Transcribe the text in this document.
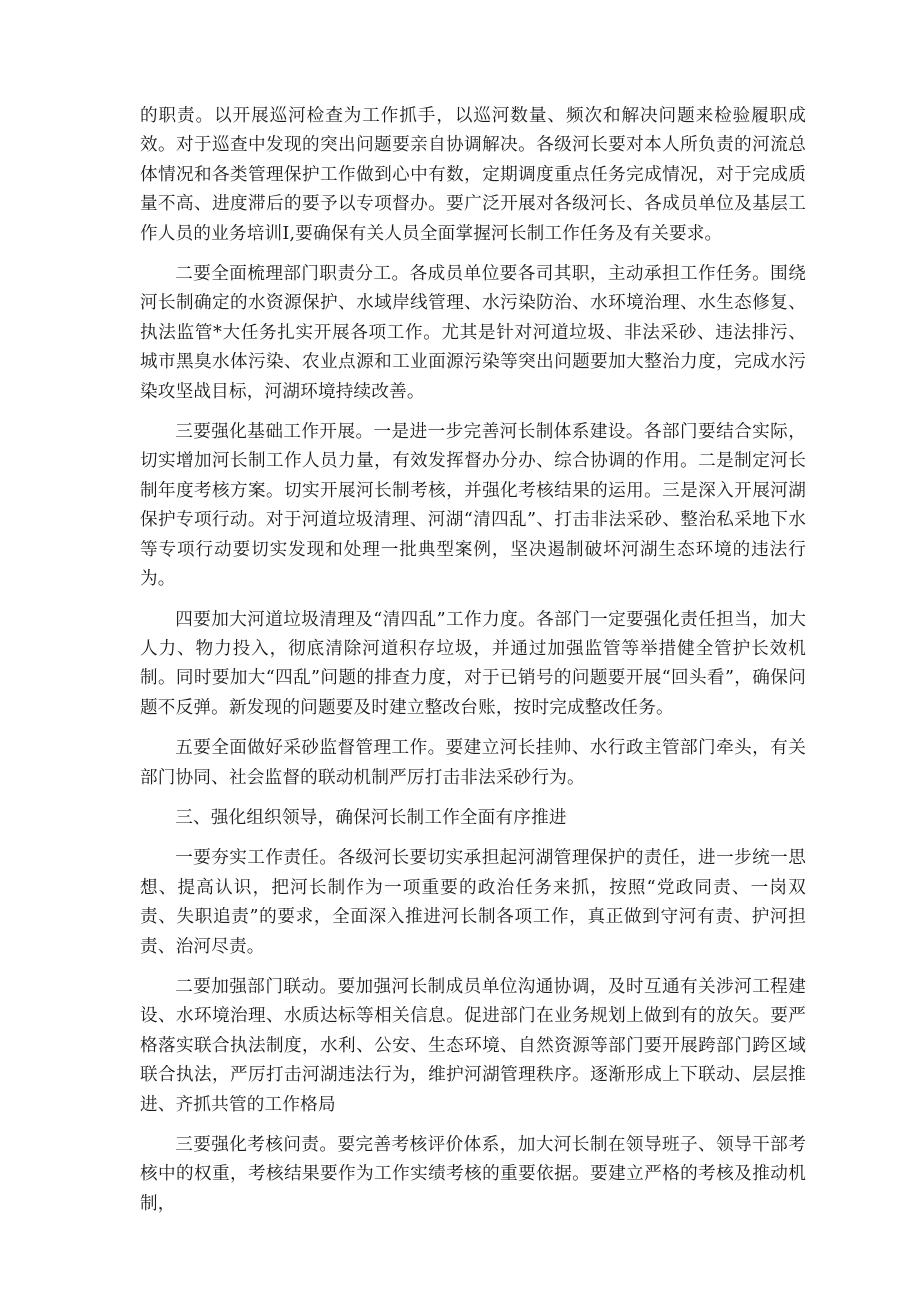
的职责。以开展巡河检查为工作抓手，以巡河数量、频次和解决问题来检验履职成效。对于巡查中发现的突出问题要亲自协调解决。各级河长要对本人所负责的河流总体情况和各类管理保护工作做到心中有数，定期调度重点任务完成情况，对于完成质量不高、进度滞后的要予以专项督办。要广泛开展对各级河长、各成员单位及基层工作人员的业务培训Ⅰ,要确保有关人员全面掌握河长制工作任务及有关要求。

二要全面梳理部门职责分工。各成员单位要各司其职，主动承担工作任务。围绕河长制确定的水资源保护、水域岸线管理、水污染防治、水环境治理、水生态修复、执法监管*大任务扎实开展各项工作。尤其是针对河道垃圾、非法采砂、违法排污、城市黑臭水体污染、农业点源和工业面源污染等突出问题要加大整治力度，完成水污染攻坚战目标，河湖环境持续改善。

三要强化基础工作开展。一是进一步完善河长制体系建设。各部门要结合实际，切实增加河长制工作人员力量，有效发挥督办分办、综合协调的作用。二是制定河长制年度考核方案。切实开展河长制考核，并强化考核结果的运用。三是深入开展河湖保护专项行动。对于河道垃圾清理、河湖“清四乱”、打击非法采砂、整治私采地下水等专项行动要切实发现和处理一批典型案例，坚决遏制破坏河湖生态环境的违法行为。

四要加大河道垃圾清理及“清四乱”工作力度。各部门一定要强化责任担当，加大人力、物力投入，彻底清除河道积存垃圾，并通过加强监管等举措健全管护长效机制。同时要加大“四乱”问题的排查力度，对于已销号的问题要开展“回头看”，确保问题不反弹。新发现的问题要及时建立整改台账，按时完成整改任务。

五要全面做好采砂监督管理工作。要建立河长挂帅、水行政主管部门牵头，有关部门协同、社会监督的联动机制严厉打击非法采砂行为。

三、强化组织领导，确保河长制工作全面有序推进

一要夯实工作责任。各级河长要切实承担起河湖管理保护的责任，进一步统一思想、提高认识，把河长制作为一项重要的政治任务来抓，按照“党政同责、一岗双责、失职追责”的要求，全面深入推进河长制各项工作，真正做到守河有责、护河担责、治河尽责。

二要加强部门联动。要加强河长制成员单位沟通协调，及时互通有关涉河工程建设、水环境治理、水质达标等相关信息。促进部门在业务规划上做到有的放矢。要严格落实联合执法制度，水利、公安、生态环境、自然资源等部门要开展跨部门跨区域联合执法，严厉打击河湖违法行为，维护河湖管理秩序。逐渐形成上下联动、层层推进、齐抓共管的工作格局

三要强化考核问责。要完善考核评价体系，加大河长制在领导班子、领导干部考核中的权重，考核结果要作为工作实绩考核的重要依据。要建立严格的考核及推动机制，
